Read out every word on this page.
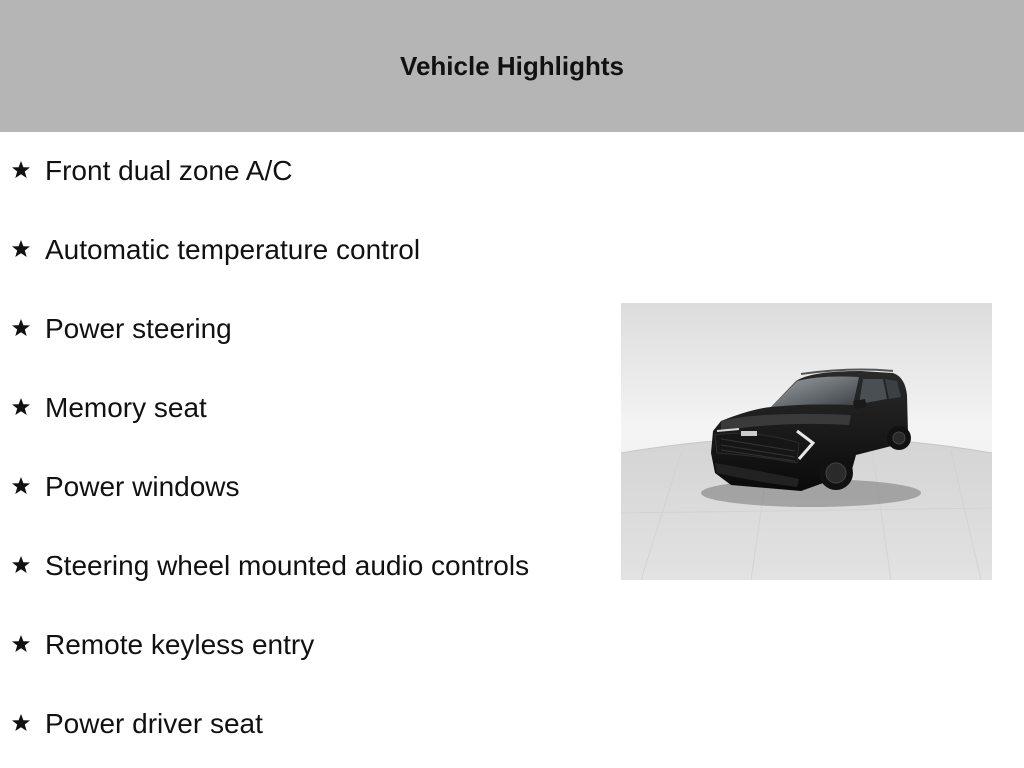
Vehicle Highlights
Front dual zone A/C
Automatic temperature control
Power steering
Memory seat
Power windows
Steering wheel mounted audio controls
Remote keyless entry
Power driver seat
